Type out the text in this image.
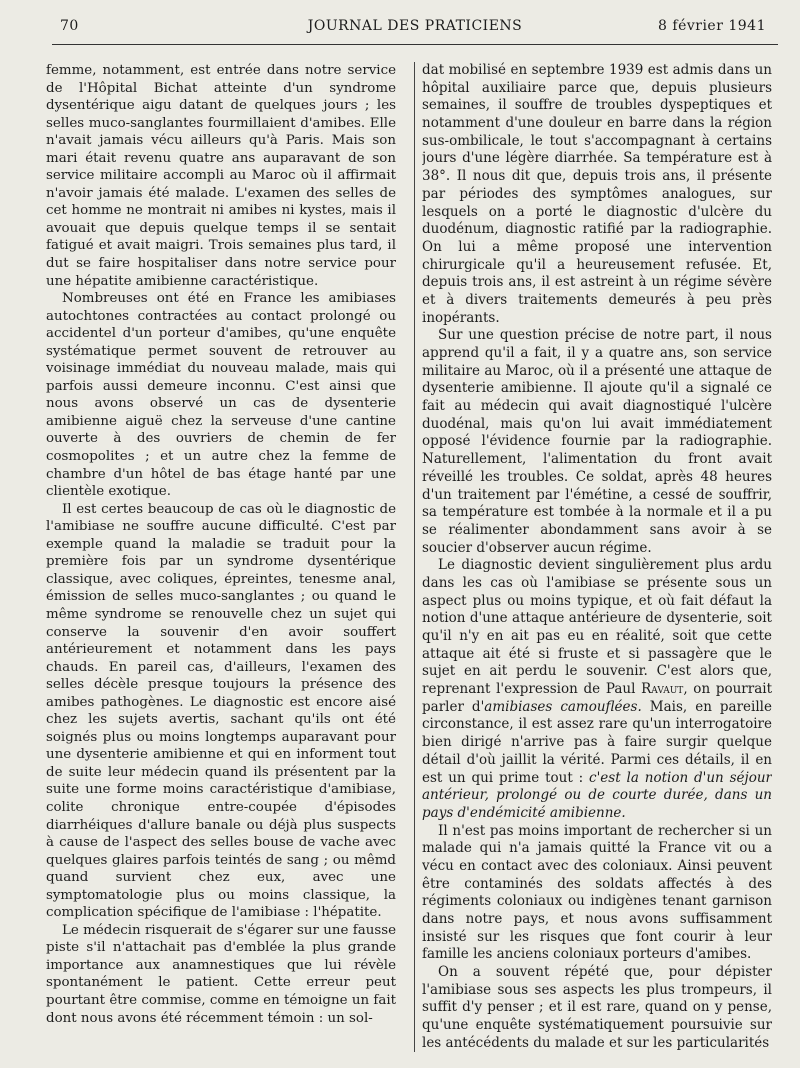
70	JOURNAL DES PRATICIENS	8 février 1941

femme, notamment, est entrée dans notre service de l'Hôpital Bichat atteinte d'un syndrome dysentérique aigu datant de quelques jours ; les selles muco-sanglantes fourmillaient d'amibes. Elle n'avait jamais vécu ailleurs qu'à Paris. Mais son mari était revenu quatre ans auparavant de son service militaire accompli au Maroc où il affirmait n'avoir jamais été malade. L'examen des selles de cet homme ne montrait ni amibes ni kystes, mais il avouait que depuis quelque temps il se sentait fatigué et avait maigri. Trois semaines plus tard, il dut se faire hospitaliser dans notre service pour une hépatite amibienne caractéristique.

Nombreuses ont été en France les amibiases autochtones contractées au contact prolongé ou accidentel d'un porteur d'amibes, qu'une enquête systématique permet souvent de retrouver au voisinage immédiat du nouveau malade, mais qui parfois aussi demeure inconnu. C'est ainsi que nous avons observé un cas de dysenterie amibienne aiguë chez la serveuse d'une cantine ouverte à des ouvriers de chemin de fer cosmopolites ; et un autre chez la femme de chambre d'un hôtel de bas étage hanté par une clientèle exotique.

Il est certes beaucoup de cas où le diagnostic de l'amibiase ne souffre aucune difficulté. C'est par exemple quand la maladie se traduit pour la première fois par un syndrome dysentérique classique, avec coliques, épreintes, tenesme anal, émission de selles muco-sanglantes ; ou quand le même syndrome se renouvelle chez un sujet qui conserve la souvenir d'en avoir souffert antérieurement et notamment dans les pays chauds. En pareil cas, d'ailleurs, l'examen des selles décèle presque toujours la présence des amibes pathogènes. Le diagnostic est encore aisé chez les sujets avertis, sachant qu'ils ont été soignés plus ou moins longtemps auparavant pour une dysenterie amibienne et qui en informent tout de suite leur médecin quand ils présentent par la suite une forme moins caractéristique d'amibiase, colite chronique entre-coupée d'épisodes diarrhéiques d'allure banale ou déjà plus suspects à cause de l'aspect des selles bouse de vache avec quelques glaires parfois teintés de sang ; ou mêmd quand survient chez eux, avec une symptomatologie plus ou moins classique, la complication spécifique de l'amibiase : l'hépatite.

Le médecin risquerait de s'égarer sur une fausse piste s'il n'attachait pas d'emblée la plus grande importance aux anamnestiques que lui révèle spontanément le patient. Cette erreur peut pourtant être commise, comme en témoigne un fait dont nous avons été récemment témoin : un sol-

dat mobilisé en septembre 1939 est admis dans un hôpital auxiliaire parce que, depuis plusieurs semaines, il souffre de troubles dyspeptiques et notamment d'une douleur en barre dans la région sus-ombilicale, le tout s'accompagnant à certains jours d'une légère diarrhée. Sa température est à 38°. Il nous dit que, depuis trois ans, il présente par périodes des symptômes analogues, sur lesquels on a porté le diagnostic d'ulcère du duodénum, diagnostic ratifié par la radiographie. On lui a même proposé une intervention chirurgicale qu'il a heureusement refusée. Et, depuis trois ans, il est astreint à un régime sévère et à divers traitements demeurés à peu près inopérants.

Sur une question précise de notre part, il nous apprend qu'il a fait, il y a quatre ans, son service militaire au Maroc, où il a présenté une attaque de dysenterie amibienne. Il ajoute qu'il a signalé ce fait au médecin qui avait diagnostiqué l'ulcère duodénal, mais qu'on lui avait immédiatement opposé l'évidence fournie par la radiographie. Naturellement, l'alimentation du front avait réveillé les troubles. Ce soldat, après 48 heures d'un traitement par l'émétine, a cessé de souffrir, sa température est tombée à la normale et il a pu se réalimenter abondamment sans avoir à se soucier d'observer aucun régime.

Le diagnostic devient singulièrement plus ardu dans les cas où l'amibiase se présente sous un aspect plus ou moins typique, et où fait défaut la notion d'une attaque antérieure de dysenterie, soit qu'il n'y en ait pas eu en réalité, soit que cette attaque ait été si fruste et si passagère que le sujet en ait perdu le souvenir. C'est alors que, reprenant l'expression de Paul Ravaut, on pourrait parler d'amibiases camouflées. Mais, en pareille circonstance, il est assez rare qu'un interrogatoire bien dirigé n'arrive pas à faire surgir quelque détail d'où jaillit la vérité. Parmi ces détails, il en est un qui prime tout : c'est la notion d'un séjour antérieur, prolongé ou de courte durée, dans un pays d'endémicité amibienne.

Il n'est pas moins important de rechercher si un malade qui n'a jamais quitté la France vit ou a vécu en contact avec des coloniaux. Ainsi peuvent être contaminés des soldats affectés à des régiments coloniaux ou indigènes tenant garnison dans notre pays, et nous avons suffisamment insisté sur les risques que font courir à leur famille les anciens coloniaux porteurs d'amibes.

On a souvent répété que, pour dépister l'amibiase sous ses aspects les plus trompeurs, il suffit d'y penser ; et il est rare, quand on y pense, qu'une enquête systématiquement poursuivie sur les antécédents du malade et sur les particularités
